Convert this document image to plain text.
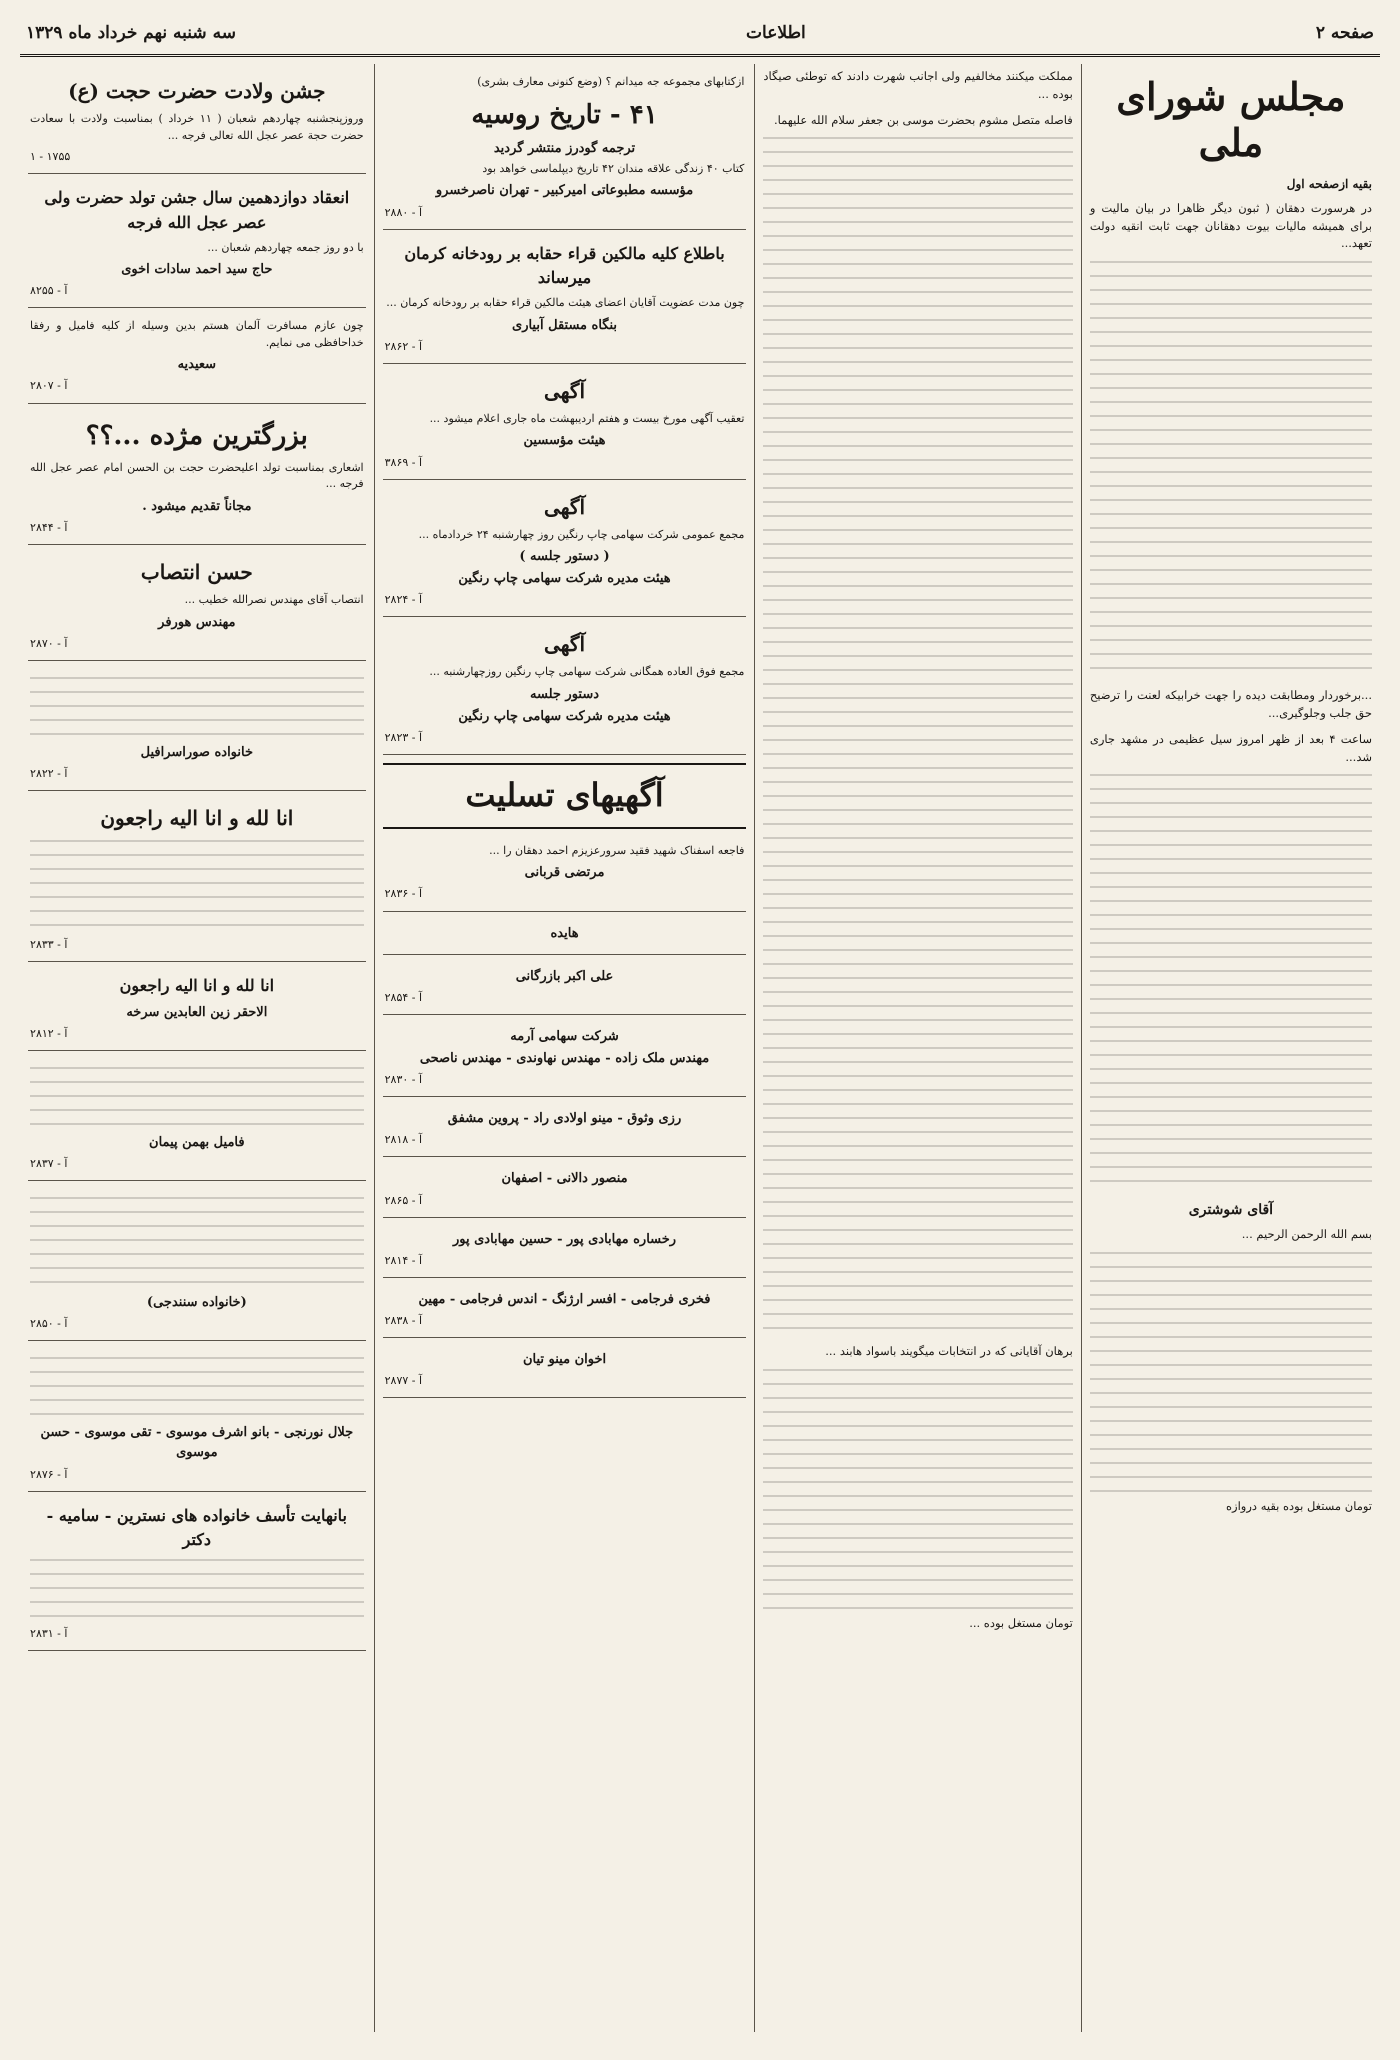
صفحه ۲
اطلاعات
سه شنبه نهم خرداد ماه ۱۳۲۹
مجلس شورای ملی
بقیه ازصفحه اول

در هرسورت دهقان ( ثبون دیگر ظاهرا در بیان مالیت و برای همیشه مالیات بیوت دهقانان جهت ثابت انقیه دولت تعهد...

...برخوردار ومطابقت دیده را جهت خرابیکه لعنت را ترضیح حق جلب وجلوگیری...

ساعت ۴ بعد از ظهر امروز سیل عظیمی در مشهد جاری شد...

آقای شوشتری

بسم الله الرحمن الرحیم ...

تومان مستغل بوده بقیه دروازه

مملکت میکنند مخالفیم ولی اجانب شهرت دادند که توطئی صیگاد بوده ...

فاصله متصل مشوم بحضرت موسی بن جعفر سلام الله علیهما.

برهان آقایانی که در انتخابات میگویند باسواد هابند ...

تومان مستغل بوده ...

ازکتابهای مجموعه جه میدانم ؟ (وضع کنونی معارف بشری)
۴۱ - تاریخ روسیه
ترجمه گودرز منتشر گردید
کتاب ۴۰ زندگی علاقه مندان ۴۲ تاریخ دیپلماسی خواهد بود
مؤسسه مطبوعاتی امیرکبیر - تهران ناصرخسرو
آ - ۲۸۸۰
باطلاع کلیه مالکین قراء حقابه بر رودخانه کرمان میرساند
چون مدت عضویت آقایان اعضای هیئت مالکین قراء حقابه بر رودخانه کرمان ...
بنگاه مستقل آبیاری
آ - ۲۸۶۲
آگهی
تعقیب آگهی مورخ بیست و هفتم اردیبهشت ماه جاری اعلام میشود ...
هیئت مؤسسین
آ - ۳۸۶۹
آگهی
مجمع عمومی شرکت سهامی چاپ رنگین روز چهارشنبه ۲۴ خردادماه ...
( دستور جلسه )
هیئت مدیره شرکت سهامی چاپ رنگین
آ - ۲۸۲۴
آگهی
مجمع فوق العاده همگانی شرکت سهامی چاپ رنگین روزچهارشنبه ...
دستور جلسه
هیئت مدیره شرکت سهامی چاپ رنگین
آ - ۲۸۲۳
آگهیهای تسلیت
فاجعه اسفناک شهید فقید سرورعزیزم احمد دهقان را ...
مرتضی قربانی
آ - ۲۸۳۶
هایده
علی اکبر بازرگانی
آ - ۲۸۵۴
شرکت سهامی آرمه
مهندس ملک زاده - مهندس نهاوندی - مهندس ناصحی
آ - ۲۸۳۰
رزی وثوق - مینو اولادی راد - پروین مشفق
آ - ۲۸۱۸
منصور دالانی - اصفهان
آ - ۲۸۶۵
رخساره مهابادی پور - حسین مهابادی پور
آ - ۲۸۱۴
فخری فرجامی - افسر ارژنگ - اندس فرجامی - مهین
آ - ۲۸۳۸
اخوان مینو تیان
آ - ۲۸۷۷
جشن ولادت حضرت حجت (ع)
وروزپنجشنبه چهاردهم شعبان ( ۱۱ خرداد ) بمناسبت ولادت با سعادت حضرت حجة عصر عجل الله تعالی فرجه ...
۱ - ۱۷۵۵
انعقاد دوازدهمین سال جشن تولد حضرت ولی عصر عجل الله فرجه
با دو روز جمعه چهاردهم شعبان ...
حاج سید احمد سادات اخوی
آ - ۸۲۵۵
چون عازم مسافرت آلمان هستم بدین وسیله از کلیه فامیل و رفقا خداحافظی می نمایم.
سعیدیه
آ - ۲۸۰۷
بزرگترین مژده ...؟؟
اشعاری بمناسبت تولد اعلیحضرت حجت بن الحسن امام عصر عجل الله فرجه ...
مجاناً تقدیم میشود .
آ - ۲۸۴۴
حسن انتصاب
انتصاب آقای مهندس نصرالله خطیب ...
مهندس هورفر
آ - ۲۸۷۰
خانواده صوراسرافیل
آ - ۲۸۲۲
انا لله و انا الیه راجعون
آ - ۲۸۳۳
انا لله و انا الیه راجعون
الاحقر زین العابدین سرخه
آ - ۲۸۱۲
فامیل بهمن پیمان
آ - ۲۸۳۷
(خانواده سنندجی)
آ - ۲۸۵۰
جلال نورنجی - بانو اشرف موسوی - تقی موسوی - حسن موسوی
آ - ۲۸۷۶
بانهایت تأسف خانواده های نسترین - سامیه - دکتر
آ - ۲۸۳۱
